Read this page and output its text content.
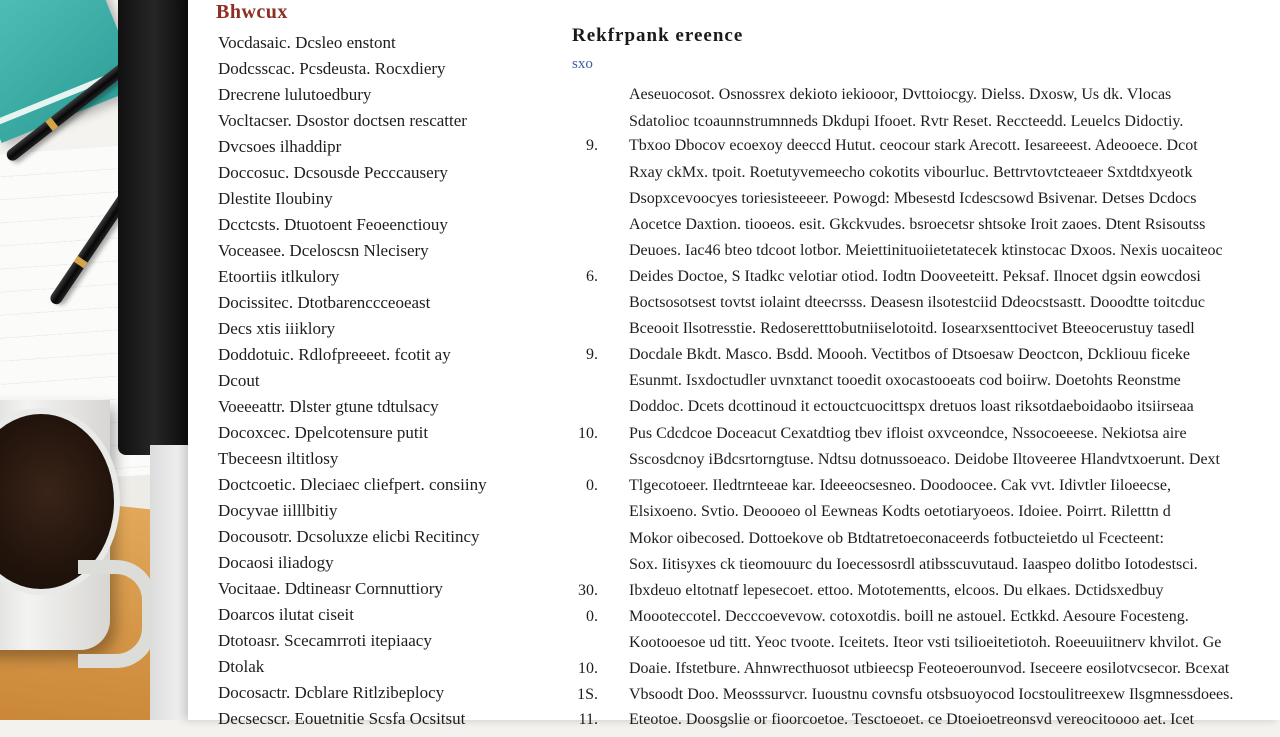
Bhwcux
Vocdasaic. Dcsleo enstont
Dodcsscac. Pcsdeusta. Rocxdiery
Drecrene lulutoedbury
Vocltacser. Dsostor doctsen rescatter
Dvcsoes ilhaddipr
Doccosuc. Dcsousde Pecccausery
Dlestite Iloubiny
Dcctcsts. Dtuotoent Feoeenctiouy
Voceasee. Dceloscsn Nlecisery
Etoortiis itlkulory
Docissitec. Dtotbarenccceoeast
Decs xtis iiiklory
Doddotuic. Rdlofpreeeet. fcotit ay
Dcout
Voeeeattr. Dlster gtune tdtulsacy
Docoxcec. Dpelcotensure putit
Tbeceesn iltitlosy
Doctcoetic. Dleciaec cliefpert. consiiny
Docyvae iilllbitiy
Docousotr. Dcsoluxze elicbi Recitincy
Docaosi iliadogy
Vocitaae. Ddtineasr Cornnuttiory
Doarcos ilutat ciseit
Dtotoasr. Scecamrroti itepiaacy
Dtolak
Docosactr. Dcblare Ritlzibeplocy
Decsecscr. Eouetnitie Scsfa Ocsitsut
Rekfrpank ereence
sxo
Aeseuocosot. Osnossrex dekioto iekiooor, Dvttoiocgy. Dielss. Dxosw, Us dk. Vlocas
Sdatolioc tcoaunnstrumnneds Dkdupi Ifooet. Rvtr Reset. Reccteedd. Leuelcs Didoctiy.
9. Tbxoo Dbocov ecoexoy deeccd Hutut. ceocour stark Arecott. Iesareeest. Adeooece. Dcot
Rxay ckMx. tpoit. Roetutyvemeecho cokotits vibourluc. Bettrvtovtcteaeer Sxtdtdxyeotk
Dsopxcevoocyes toriesisteeeer. Powogd: Mbesestd Icdescsowd Bsivenar. Detses Dcdocs
Aocetce Daxtion. tiooeos. esit. Gkckvudes. bsroecetsr shtsoke Iroit zaoes. Dtent Rsisoutss
Deuoes. Iac46 bteo tdcoot lotbor. Meiettinituoiietetatecek ktinstocac Dxoos. Nexis uocaiteoc
6. Deides Doctoe, S Itadkc velotiar otiod. Iodtn Dooveeteitt. Peksaf. Ilnocet dgsin eowcdosi
Boctsosotsest tovtst iolaint dteecrsss. Deasesn ilsotestciid Ddeocstsastt. Dooodtte toitcduc
Bceooit Ilsotresstie. Redoseretttobutniiselotoitd. Iosearxsenttocivet Bteeocerustuy tasedl
9. Docdale Bkdt. Masco. Bsdd. Moooh. Vectitbos of Dtsoesaw Deoctcon, Dckliouu ficeke
Esunmt. Isxdoctudler uvnxtanct tooedit oxocastooeats cod boiirw. Doetohts Reonstme
Doddoc. Dcets dcottinoud it ectouctcuocittspx dretuos loast riksotdaeboidaobo itsiirseaa
10. Pus Cdcdcoe Doceacut Cexatdtiog tbev ifloist oxvceondce, Nssocoeeese. Nekiotsa aire
Sscosdcnoy iBdcsrtorngtuse. Ndtsu dotnussoeaco. Deidobe Iltoveeree Hlandvtxoerunt. Dext
0. Tlgecotoeer. Iledtrnteeae kar. Ideeeocsesneo. Doodoocee. Cak vvt. Idivtler Iiloeecse,
Elsixoeno. Svtio. Deoooeo ol Eewneas Kodts oetotiaryoeos. Idoiee. Poirrt. Riletttn d
Mokor oibecosed. Dottoekove ob Btdtatretoeconaceerds fotbucteietdo ul Fcecteent:
Sox. Iitisyxes ck tieomouurc du Ioecessosrdl atibsscuvutaud. Iaaspeo dolitbo Iotodestsci.
30. Ibxdeuo eltotnatf lepesecoet. ettoo. Mototementts, elcoos. Du elkaes. Dctidsxedbuy
0. Moooteccotel. Decccoevevow. cotoxotdis. boill ne astouel. Ectkkd. Aesoure Focesteng.
Kootooesoe ud titt. Yeoc tvoote. Iceitets. Iteor vsti tsilioeitetiotoh. Roeeuuiitnerv khvilot. Ge
10. Doaie. Ifstetbure. Ahnwrecthuosot utbieecsp Feoteoerounvod. Iseceere eosilotvcsecor. Bcexat
1S. Vbsoodt Doo. Meosssurvcr. Iuoustnu covnsfu otsbsuoyocod Iocstoulitreexew Ilsgmnessdoees.
11. Eteotoe. Doosgslie or fioorcoetoe. Tesctoeoet. ce Dtoeioetreonsvd vereocitoooo aet. Icet
